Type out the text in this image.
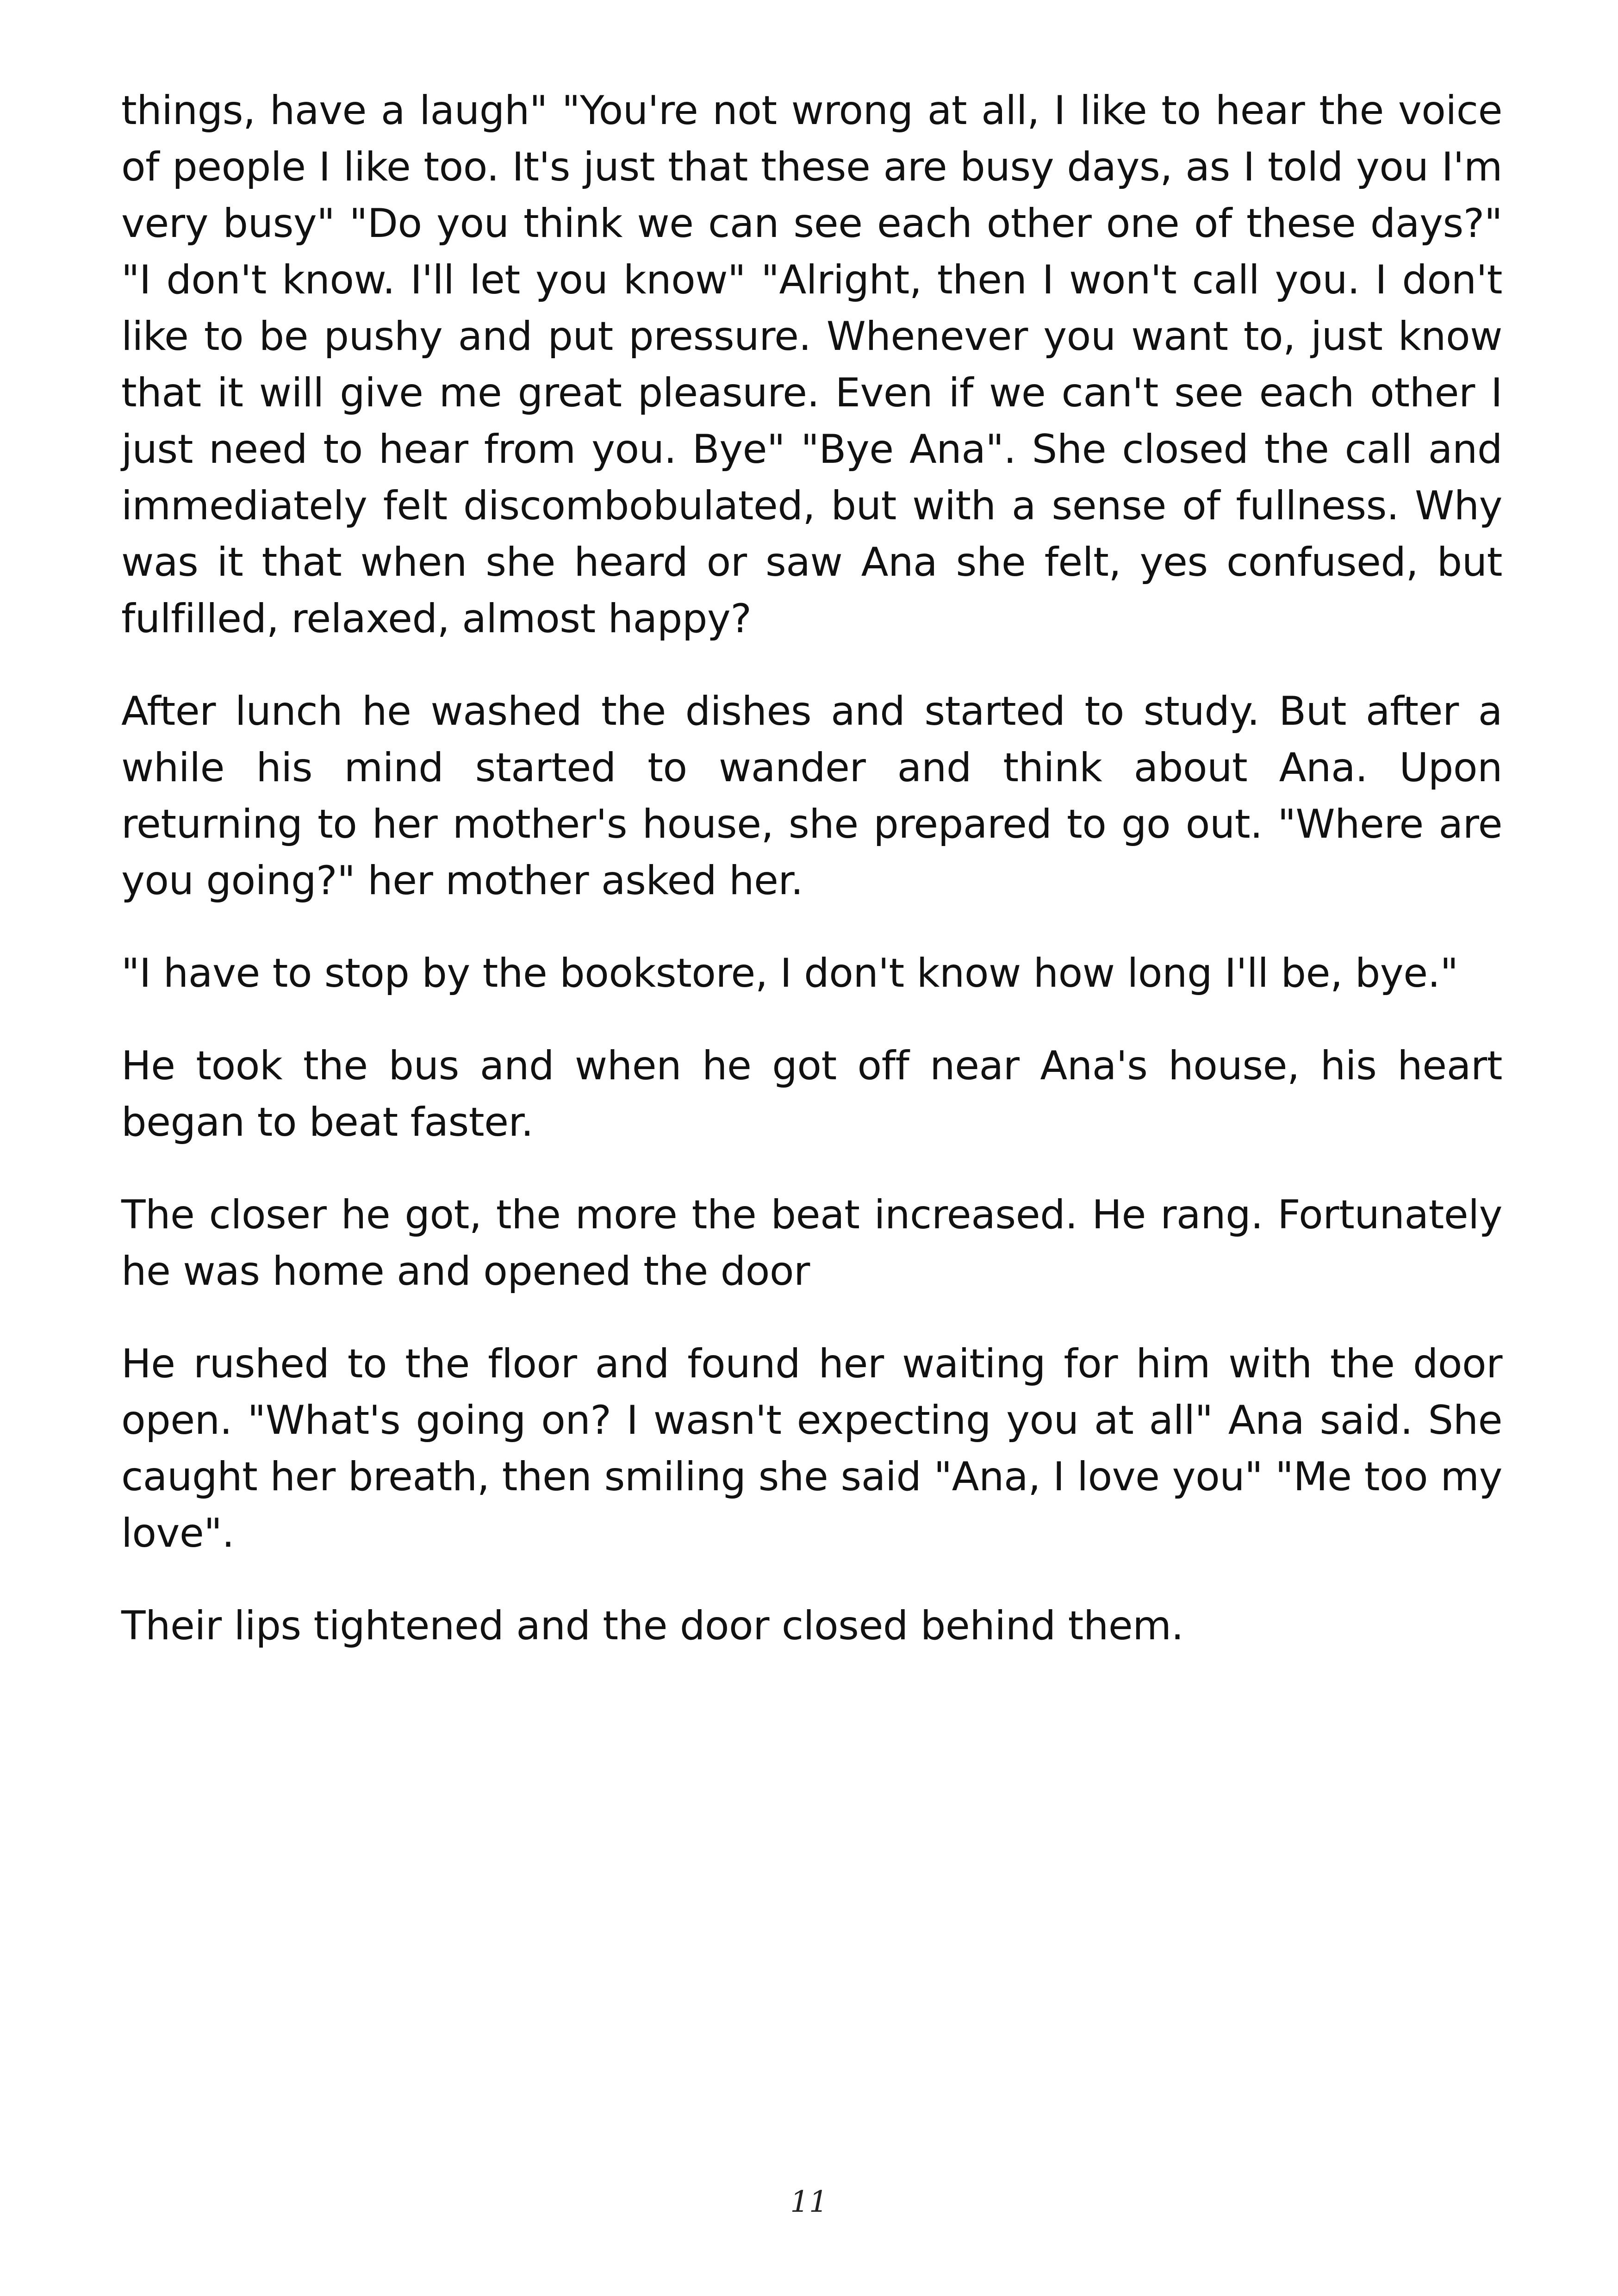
things, have a laugh" "You're not wrong at all, I like to hear the voice of people I like too. It's just that these are busy days, as I told you I'm very busy" "Do you think we can see each other one of these days?" "I don't know. I'll let you know" "Alright, then I won't call you. I don't like to be pushy and put pressure. Whenever you want to, just know that it will give me great pleasure. Even if we can't see each other I just need to hear from you. Bye" "Bye Ana". She closed the call and immediately felt discombobulated, but with a sense of fullness. Why was it that when she heard or saw Ana she felt, yes confused, but fulfilled, relaxed, almost happy?

After lunch he washed the dishes and started to study. But after a while his mind started to wander and think about Ana. Upon returning to her mother's house, she prepared to go out. "Where are you going?" her mother asked her.

"I have to stop by the bookstore, I don't know how long I'll be, bye."

He took the bus and when he got off near Ana's house, his heart began to beat faster.

The closer he got, the more the beat increased. He rang. Fortunately he was home and opened the door

He rushed to the floor and found her waiting for him with the door open. "What's going on? I wasn't expecting you at all" Ana said. She caught her breath, then smiling she said "Ana, I love you" "Me too my love".

Their lips tightened and the door closed behind them.

11
